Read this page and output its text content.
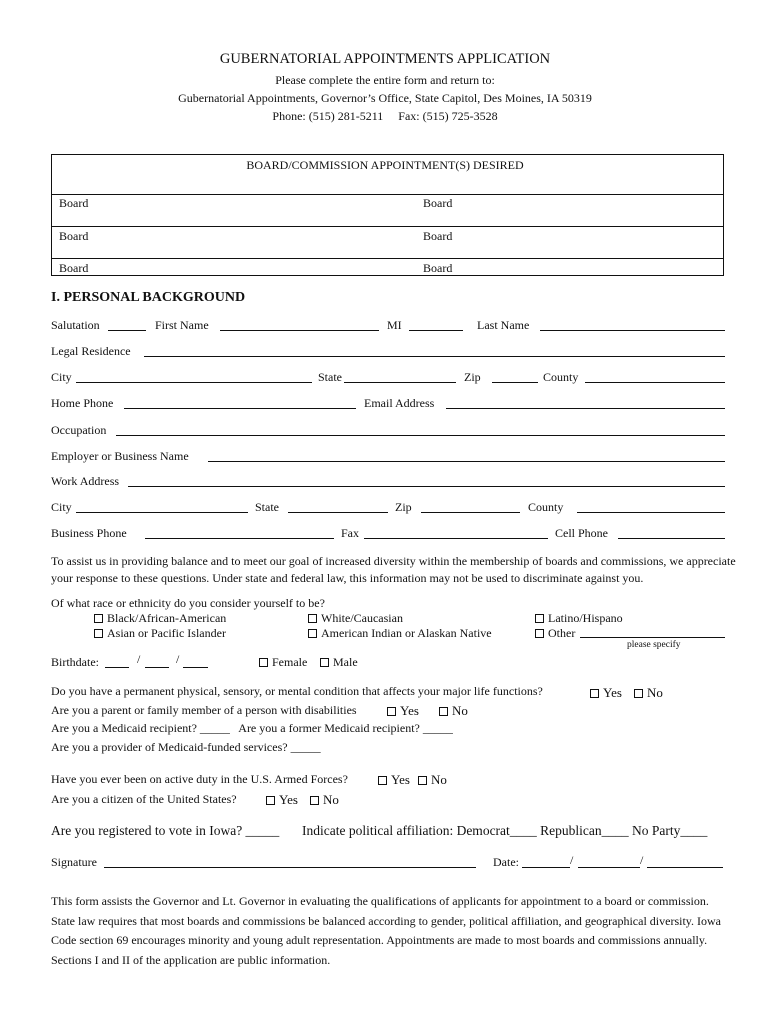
GUBERNATORIAL APPOINTMENTS APPLICATION
Please complete the entire form and return to:
Gubernatorial Appointments, Governor’s Office, State Capitol, Des Moines, IA 50319
Phone: (515) 281-5211     Fax: (515) 725-3528
BOARD/COMMISSION APPOINTMENT(S) DESIRED
Board	Board
Board	Board
Board	Board
I. PERSONAL BACKGROUND
Salutation	First Name	MI	Last Name
Legal Residence
City	State	Zip	County
Home Phone	Email Address
Occupation
Employer or Business Name
Work Address
City	State	Zip	County
Business Phone	Fax	Cell Phone
To assist us in providing balance and to meet our goal of increased diversity within the membership of boards and commissions, we appreciate your response to these questions. Under state and federal law, this information may not be used to discriminate against you.
Of what race or ethnicity do you consider yourself to be?
Black/African-American
Asian or Pacific Islander
White/Caucasian
American Indian or Alaskan Native
Latino/Hispano
Other
please specify
Birthdate:	/	/	Female	Male
Do you have a permanent physical, sensory, or mental condition that affects your major life functions?	Yes	No
Are you a parent or family member of a person with disabilities	Yes	No
Are you a Medicaid recipient? _____   Are you a former Medicaid recipient? _____
Are you a provider of Medicaid-funded services? _____
Have you ever been on active duty in the U.S. Armed Forces?	Yes	No
Are you a citizen of the United States?	Yes	No
Are you registered to vote in Iowa? _____ Indicate political affiliation: Democrat____ Republican____ No Party____
Signature	Date:	/	/
This form assists the Governor and Lt. Governor in evaluating the qualifications of applicants for appointment to a board or commission. State law requires that most boards and commissions be balanced according to gender, political affiliation, and geographical diversity. Iowa Code section 69 encourages minority and young adult representation. Appointments are made to most boards and commissions annually. Sections I and II of the application are public information.
